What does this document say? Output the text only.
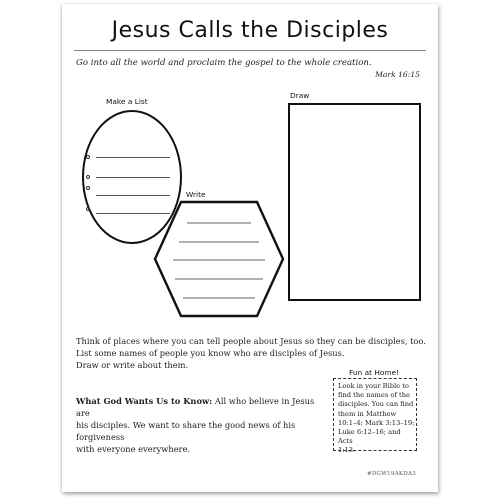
Jesus Calls the Disciples
Go into all the world and proclaim the gospel to the whole creation.
Mark 16:15
Make a List
Write
Draw
Think of places where you can tell people about Jesus so they can be disciples, too.
List some names of people you know who are disciples of Jesus.
Draw or write about them.
What God Wants Us to Know: All who believe in Jesus are
his disciples. We want to share the good news of his forgiveness
with everyone everywhere.
Fun at Home!
Look in your Bible to
find the names of the
disciples. You can find
them in Matthew
10:1–4; Mark 3:13–19;
Luke 6:12–16; and Acts
1:13.
#DGW19AKDA3
